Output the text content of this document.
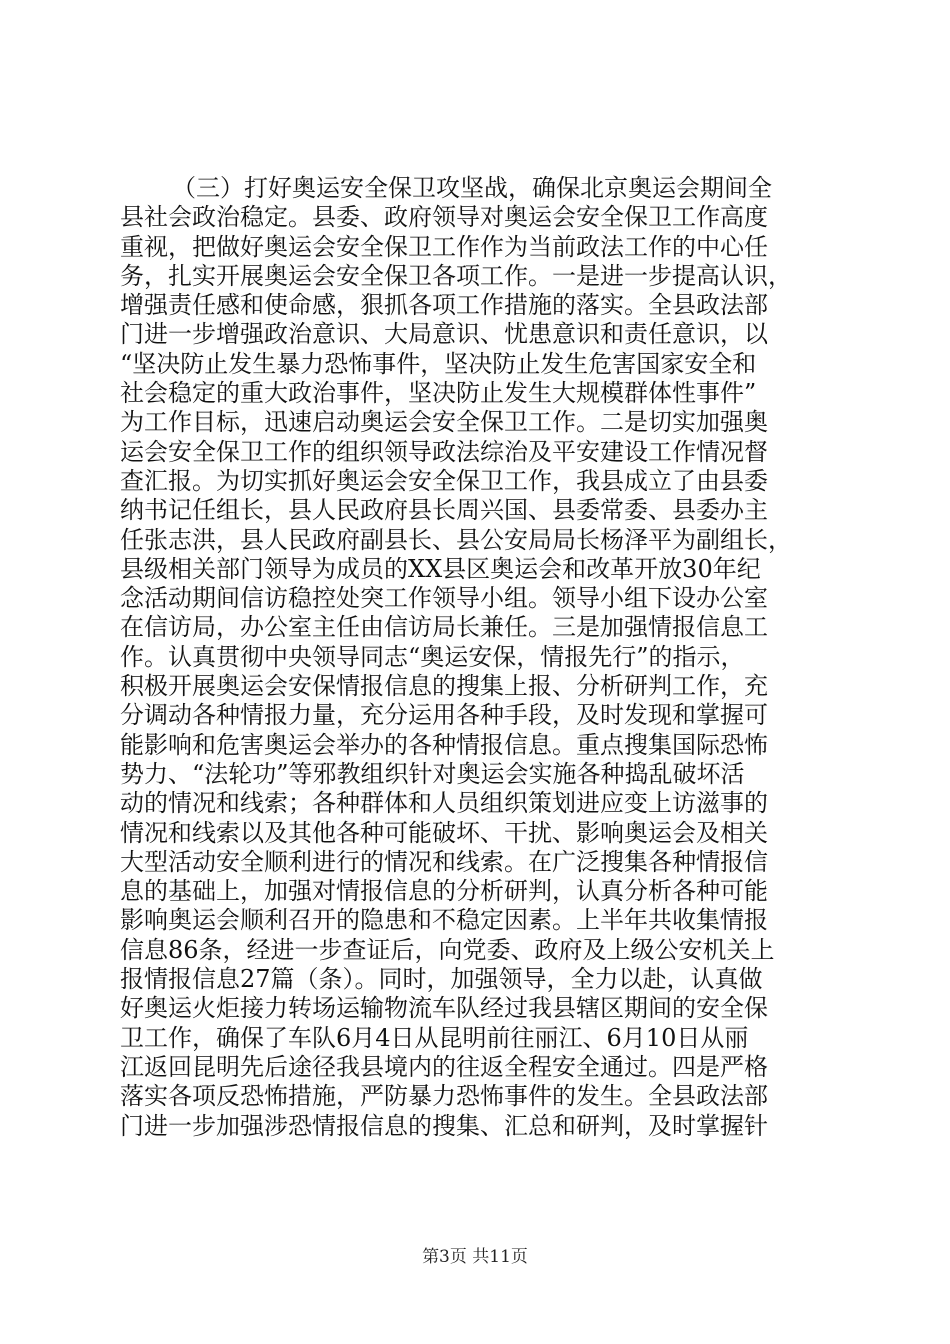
（三）打好奥运安全保卫攻坚战，确保北京奥运会期间全
县社会政治稳定。县委、政府领导对奥运会安全保卫工作高度
重视，把做好奥运会安全保卫工作作为当前政法工作的中心任
务，扎实开展奥运会安全保卫各项工作。一是进一步提高认识，
增强责任感和使命感，狠抓各项工作措施的落实。全县政法部
门进一步增强政治意识、大局意识、忧患意识和责任意识，以
“坚决防止发生暴力恐怖事件，坚决防止发生危害国家安全和
社会稳定的重大政治事件，坚决防止发生大规模群体性事件”
为工作目标，迅速启动奥运会安全保卫工作。二是切实加强奥
运会安全保卫工作的组织领导政法综治及平安建设工作情况督
查汇报。为切实抓好奥运会安全保卫工作，我县成立了由县委
纳书记任组长，县人民政府县长周兴国、县委常委、县委办主
任张志洪，县人民政府副县长、县公安局局长杨泽平为副组长，
县级相关部门领导为成员的XX县区奥运会和改革开放30年纪
念活动期间信访稳控处突工作领导小组。领导小组下设办公室
在信访局，办公室主任由信访局长兼任。三是加强情报信息工
作。认真贯彻中央领导同志“奥运安保，情报先行”的指示，
积极开展奥运会安保情报信息的搜集上报、分析研判工作，充
分调动各种情报力量，充分运用各种手段，及时发现和掌握可
能影响和危害奥运会举办的各种情报信息。重点搜集国际恐怖
势力、“法轮功”等邪教组织针对奥运会实施各种捣乱破坏活
动的情况和线索；各种群体和人员组织策划进应变上访滋事的
情况和线索以及其他各种可能破坏、干扰、影响奥运会及相关
大型活动安全顺利进行的情况和线索。在广泛搜集各种情报信
息的基础上，加强对情报信息的分析研判，认真分析各种可能
影响奥运会顺利召开的隐患和不稳定因素。上半年共收集情报
信息86条，经进一步查证后，向党委、政府及上级公安机关上
报情报信息27篇（条）。同时，加强领导，全力以赴，认真做
好奥运火炬接力转场运输物流车队经过我县辖区期间的安全保
卫工作，确保了车队6月4日从昆明前往丽江、6月10日从丽
江返回昆明先后途径我县境内的往返全程安全通过。四是严格
落实各项反恐怖措施，严防暴力恐怖事件的发生。全县政法部
门进一步加强涉恐情报信息的搜集、汇总和研判，及时掌握针
第3页 共11页
